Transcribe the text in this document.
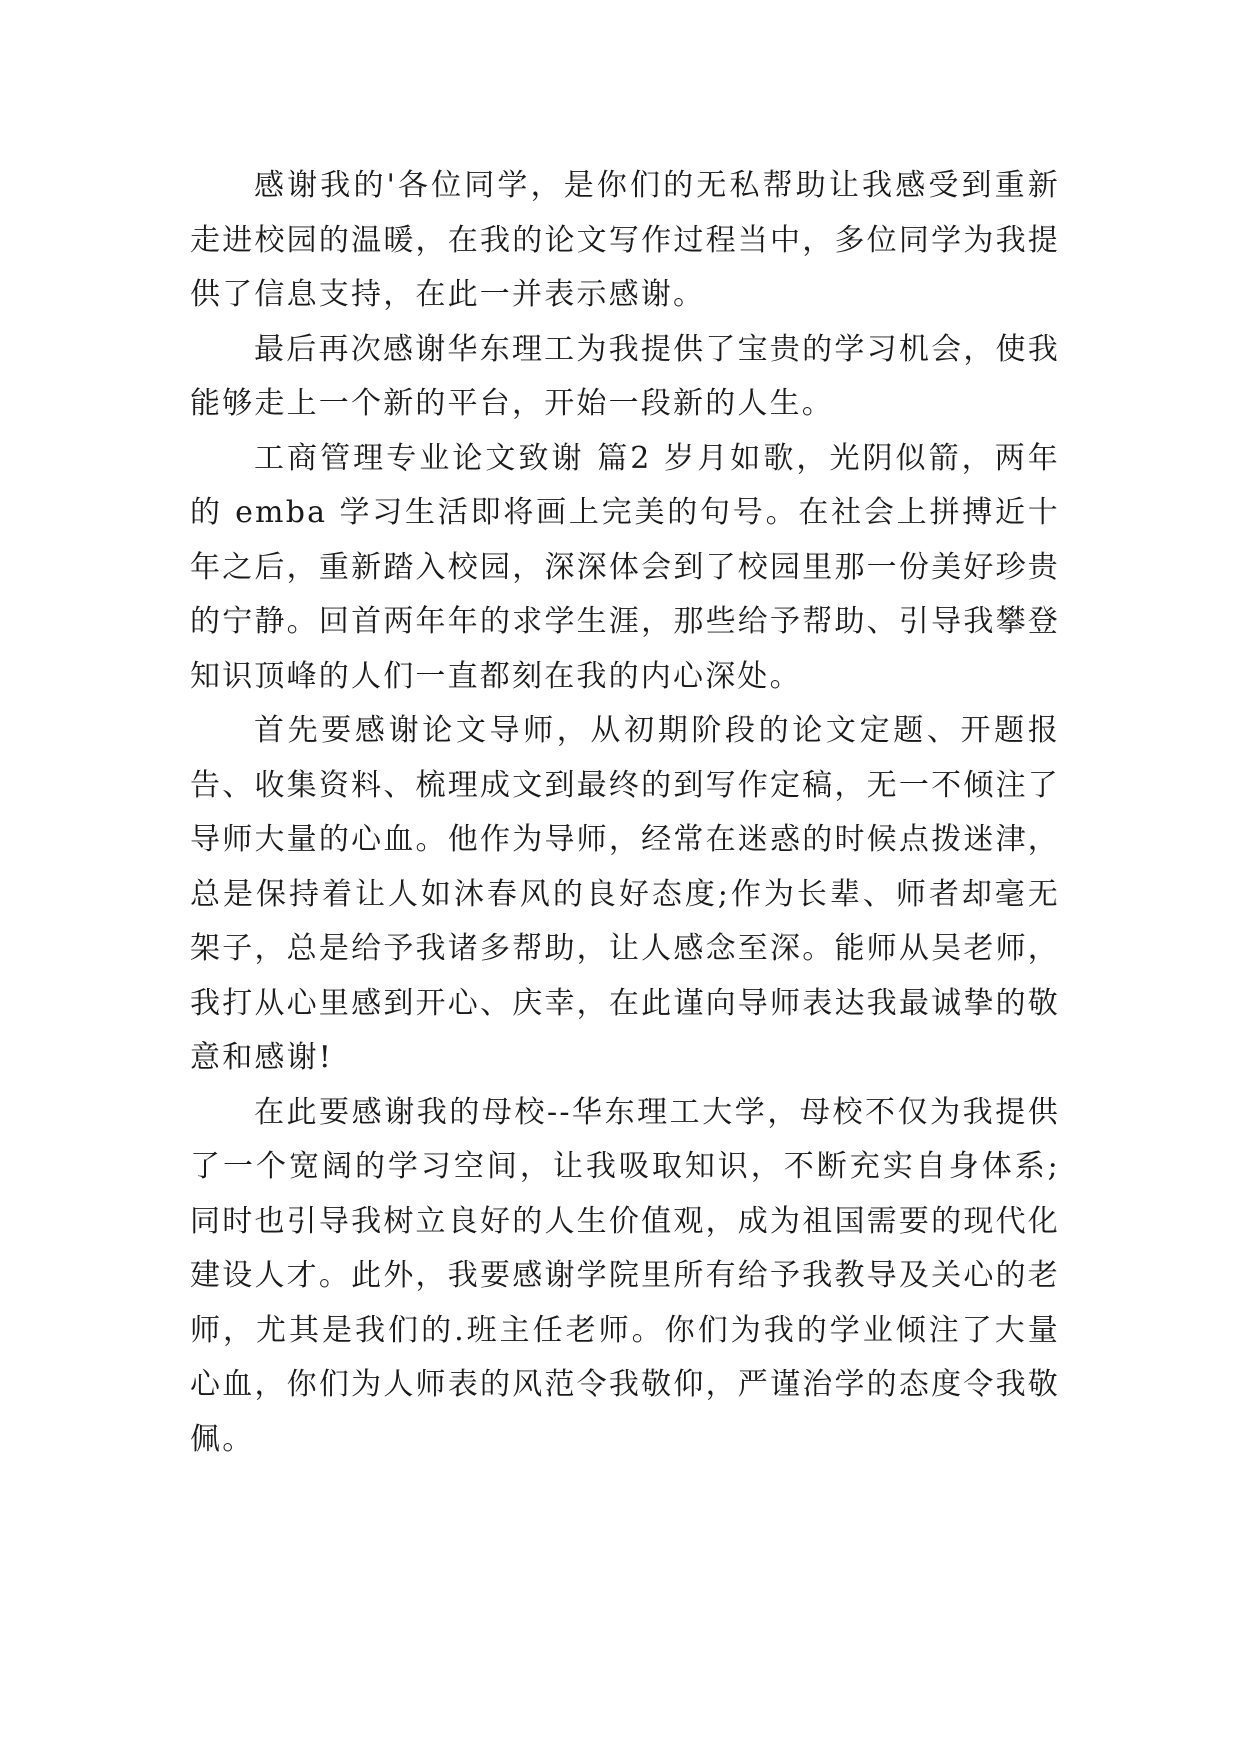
感谢我的'各位同学，是你们的无私帮助让我感受到重新走进校园的温暖，在我的论文写作过程当中，多位同学为我提供了信息支持，在此一并表示感谢。

最后再次感谢华东理工为我提供了宝贵的学习机会，使我能够走上一个新的平台，开始一段新的人生。

工商管理专业论文致谢 篇2 岁月如歌，光阴似箭，两年的 emba 学习生活即将画上完美的句号。在社会上拼搏近十年之后，重新踏入校园，深深体会到了校园里那一份美好珍贵的宁静。回首两年年的求学生涯，那些给予帮助、引导我攀登知识顶峰的人们一直都刻在我的内心深处。

首先要感谢论文导师，从初期阶段的论文定题、开题报告、收集资料、梳理成文到最终的到写作定稿，无一不倾注了导师大量的心血。他作为导师，经常在迷惑的时候点拨迷津，总是保持着让人如沐春风的良好态度;作为长辈、师者却毫无架子，总是给予我诸多帮助，让人感念至深。能师从吴老师，我打从心里感到开心、庆幸，在此谨向导师表达我最诚挚的敬意和感谢!

在此要感谢我的母校--华东理工大学，母校不仅为我提供了一个宽阔的学习空间，让我吸取知识，不断充实自身体系;同时也引导我树立良好的人生价值观，成为祖国需要的现代化建设人才。此外，我要感谢学院里所有给予我教导及关心的老师，尤其是我们的.班主任老师。你们为我的学业倾注了大量心血，你们为人师表的风范令我敬仰，严谨治学的态度令我敬佩。
